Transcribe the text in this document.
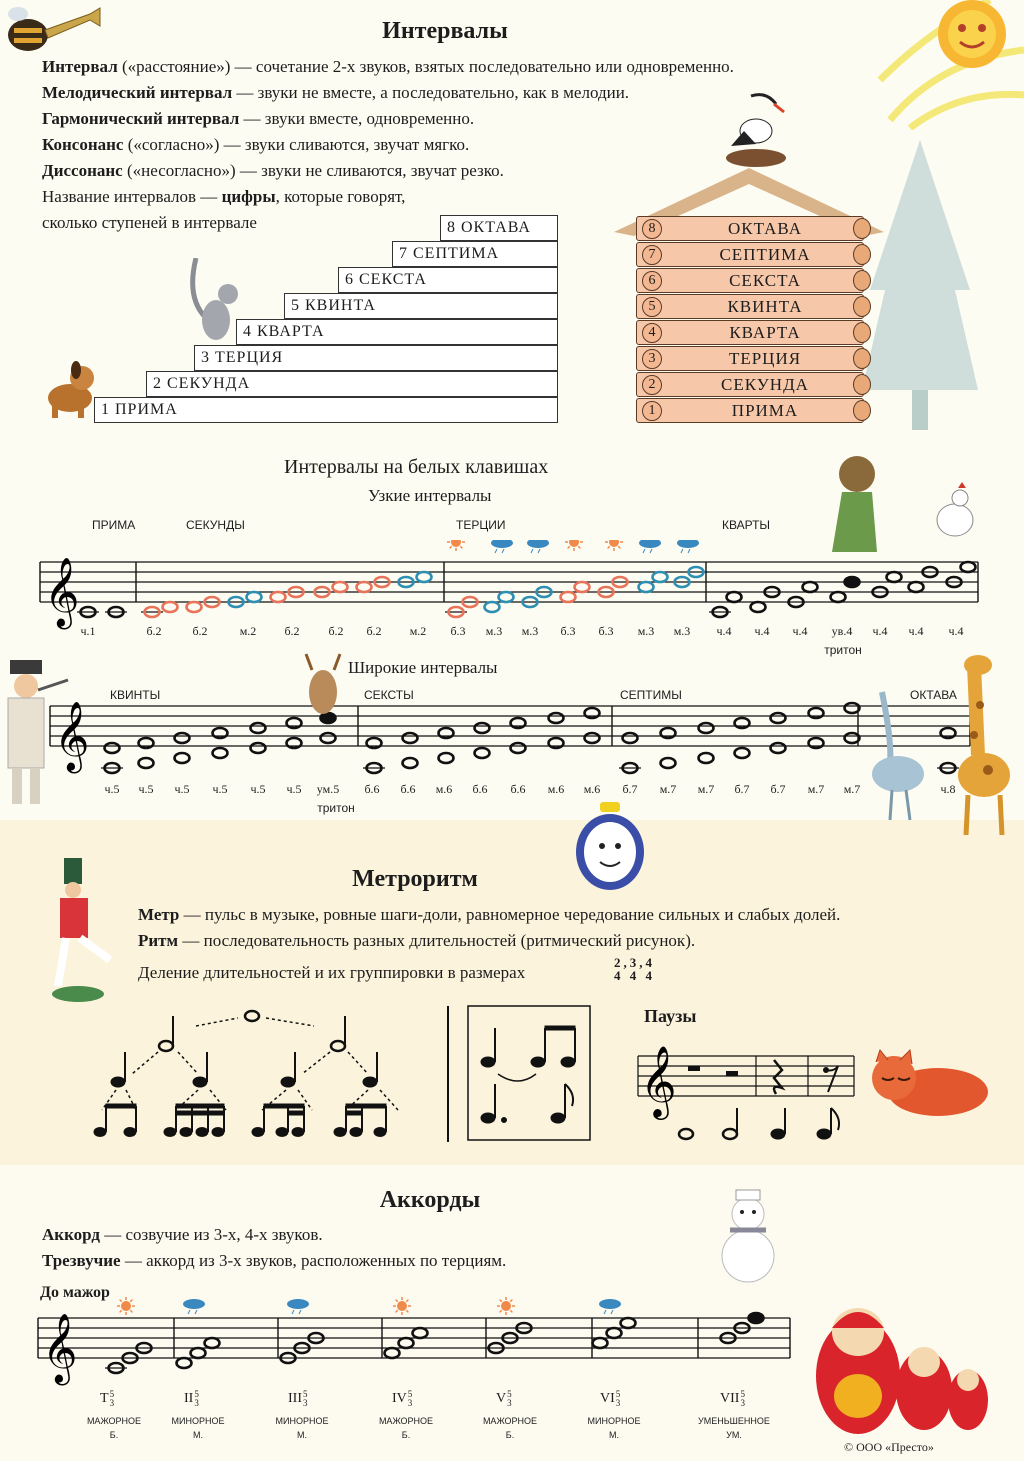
Интервалы
Интервал («расстояние») — сочетание 2-х звуков, взятых последовательно или одновременно.
Мелодический интервал — звуки не вместе, а последовательно, как в мелодии.
Гармонический интервал — звуки вместе, одновременно.
Консонанс («согласно») — звуки сливаются, звучат мягко.
Диссонанс («несогласно») — звуки не сливаются, звучат резко.
Название интервалов — цифры, которые говорят,
сколько ступеней в интервале
1 ПРИМА
2 СЕКУНДА
3 ТЕРЦИЯ
4 КВАРТА
5 КВИНТА
6 СЕКСТА
7 СЕПТИМА
8 ОКТАВА	8	ОКТАВА
7	СЕПТИМА
6	СЕКСТА
5	КВИНТА
4	КВАРТА
3	ТЕРЦИЯ
2	СЕКУНДА
1	ПРИМА
Интервалы на белых клавишах
Узкие интервалы
ПРИМА	СЕКУНДЫ	ТЕРЦИИ	КВАРТЫ
𝄞
ч.1	б.2	б.2	м.2 б.2 б.2 б.2 м.2 б.3 м.3 м.3 б.3 б.3 м.3 м.3 ч.4 ч.4 ч.4 ув.4 ч.4 ч.4 ч.4
тритон
Широкие интервалы
КВИНТЫ	СЕКСТЫ	СЕПТИМЫ	ОКТАВА
𝄞
ч.5 ч.5 ч.5 ч.5 ч.5 ч.5 ум.5 б.6 б.6 м.6 б.6 б.6 м.6 м.6 б.7 м.7 м.7 б.7 б.7 м.7 м.7	ч.8
тритон
Метроритм
Метр — пульс в музыке, ровные шаги-доли, равномерное чередование сильных и слабых долей.
Ритм — последовательность разных длительностей (ритмический рисунок).
Деление длительностей и их группировки в размерах
2
4
, 3
4
, 4
4
Паузы
𝄞
Аккорды
Аккорд — созвучие из 3-х, 4-х звуков.
Трезвучие — аккорд из 3-х звуков, расположенных по терциям.
До мажор
𝄞
T 5
3
МАЖОРНОЕ
Б.
II 5
3
МИНОРНОЕ
М.
III 5
3
МИНОРНОЕ
М.
IV 5
3
МАЖОРНОЕ
Б.
V 5
3
МАЖОРНОЕ
Б.
VI 5
3
МИНОРНОЕ
М.
VII 5
3
УМЕНЬШЕННОЕ
УМ.
© ООО «Престо»
